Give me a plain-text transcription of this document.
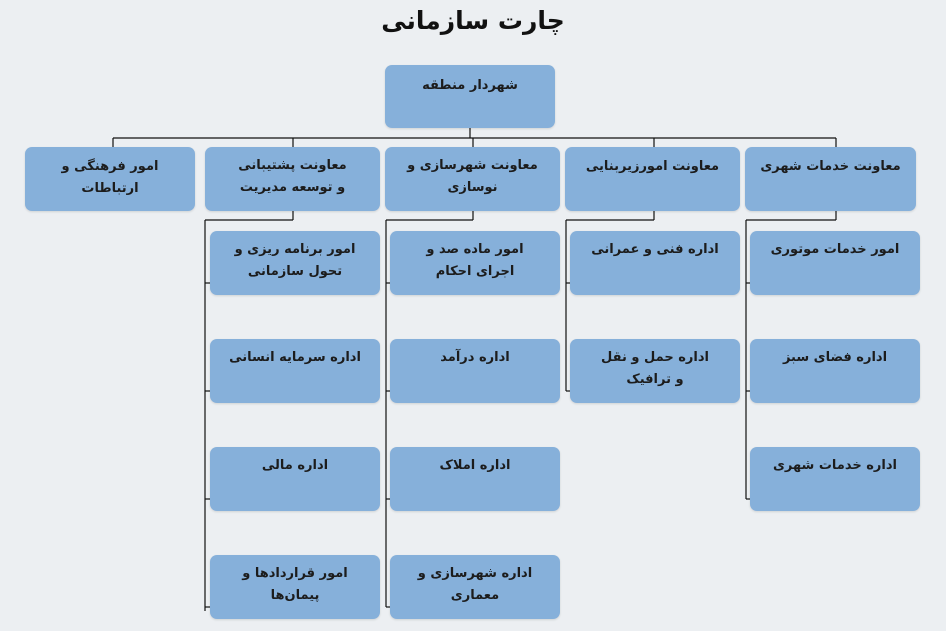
چارت سازمانی
شهردار منطقه
معاونت خدمات شهری
معاونت امورزیربنایی
معاونت شهرسازی و نوسازی
معاونت پشتیبانی و توسعه مدیریت
امور فرهنگی و ارتباطات
امور خدمات موتوری
اداره فضای سبز
اداره خدمات شهری
اداره فنی و عمرانی
اداره حمل و نقل و ترافیک
امور ماده صد و اجرای احکام
اداره درآمد
اداره املاک
اداره شهرسازی و معماری
امور برنامه ریزی و تحول سازمانی
اداره سرمایه انسانی
اداره مالی
امور قراردادها و پیمان‌ها
